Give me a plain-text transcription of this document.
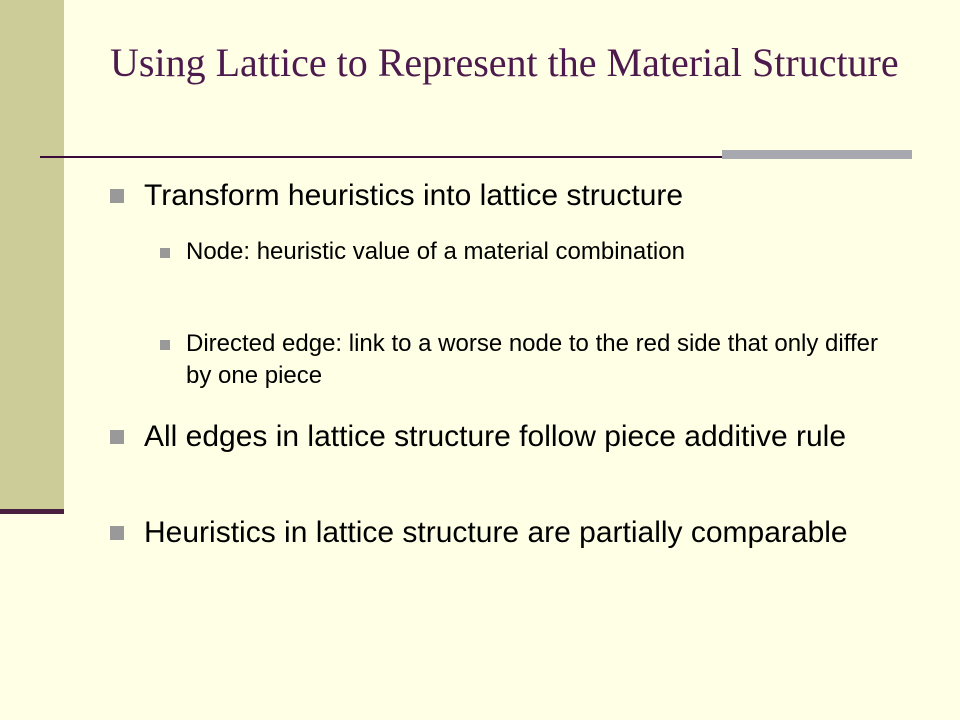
Using Lattice to Represent the Material Structure
Transform heuristics into lattice structure
Node: heuristic value of a material combination
Directed edge: link to a worse node to the red side that only differ by one piece
All edges in lattice structure follow piece additive rule
Heuristics in lattice structure are partially comparable
